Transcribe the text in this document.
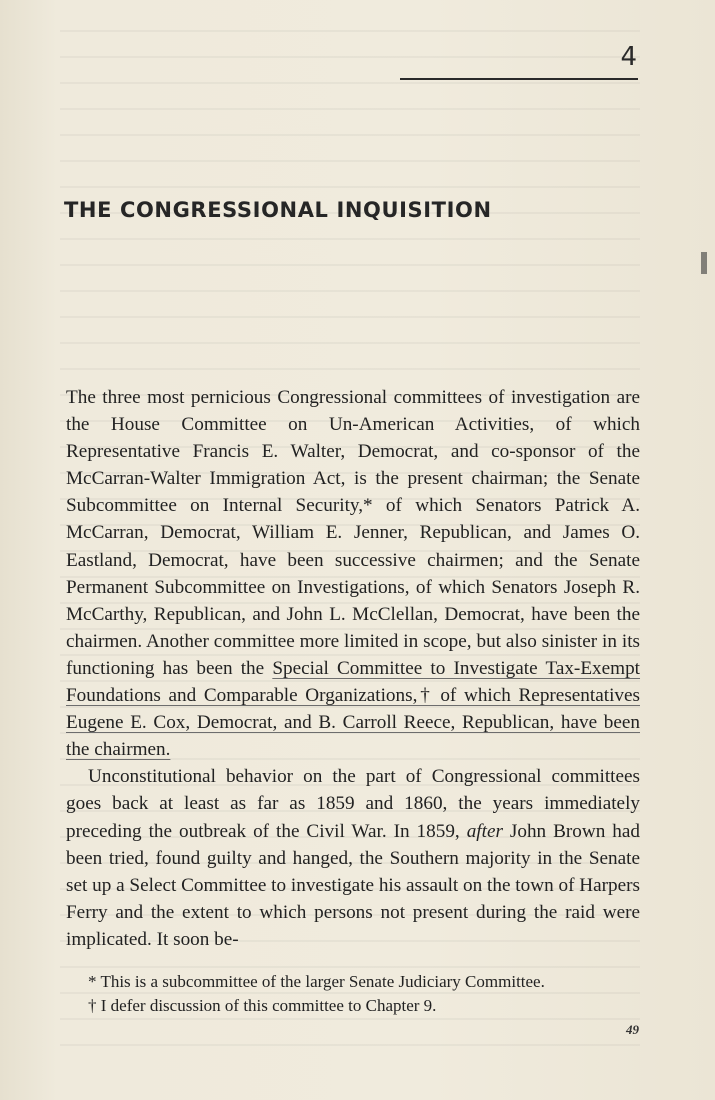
4

THE CONGRESSIONAL INQUISITION

The three most pernicious Congressional committees of investigation are the House Committee on Un-American Activities, of which Representative Francis E. Walter, Democrat, and co-sponsor of the McCarran-Walter Immigration Act, is the present chairman; the Senate Subcommittee on Internal Security,* of which Senators Patrick A. McCarran, Democrat, William E. Jenner, Republican, and James O. Eastland, Democrat, have been successive chairmen; and the Senate Permanent Subcommittee on Investigations, of which Senators Joseph R. McCarthy, Republican, and John L. McClellan, Democrat, have been the chairmen. Another committee more limited in scope, but also sinister in its functioning has been the Special Committee to Investigate Tax-Exempt Foundations and Comparable Organizations,† of which Representatives Eugene E. Cox, Democrat, and B. Carroll Reece, Republican, have been the chairmen.

Unconstitutional behavior on the part of Congressional committees goes back at least as far as 1859 and 1860, the years immediately preceding the outbreak of the Civil War. In 1859, after John Brown had been tried, found guilty and hanged, the Southern majority in the Senate set up a Select Committee to investigate his assault on the town of Harpers Ferry and the extent to which persons not present during the raid were implicated. It soon be-

* This is a subcommittee of the larger Senate Judiciary Committee.

† I defer discussion of this committee to Chapter 9.

49
